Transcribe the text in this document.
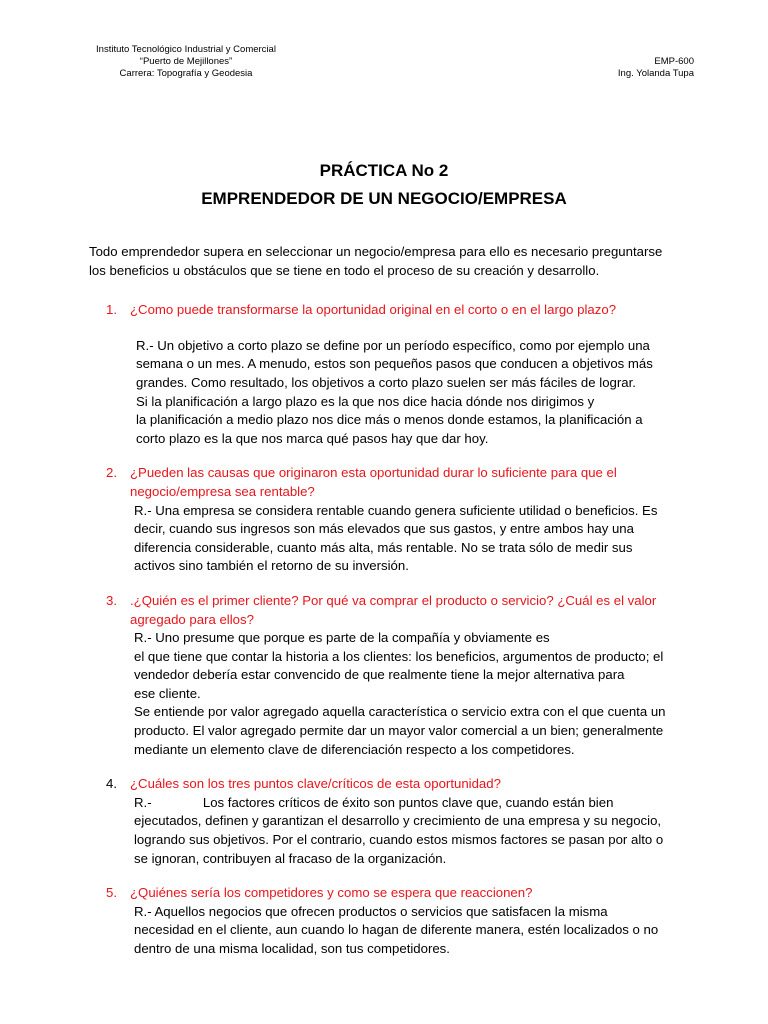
Instituto Tecnológico Industrial y Comercial
“Puerto de Mejillones”
Carrera: Topografía y Geodesia
EMP-600
Ing. Yolanda Tupa
PRÁCTICA No 2
EMPRENDEDOR DE UN NEGOCIO/EMPRESA

Todo emprendedor supera en seleccionar un negocio/empresa para ello es necesario preguntarse
los beneficios u obstáculos que se tiene en todo el proceso de su creación y desarrollo.

1. ¿Como puede transformarse la oportunidad original en el corto o en el largo plazo?

R.- Un objetivo a corto plazo se define por un período específico, como por ejemplo una
semana o un mes. A menudo, estos son pequeños pasos que conducen a objetivos más
grandes. Como resultado, los objetivos a corto plazo suelen ser más fáciles de lograr.
Si la planificación a largo plazo es la que nos dice hacia dónde nos dirigimos y
la planificación a medio plazo nos dice más o menos donde estamos, la planificación a
corto plazo es la que nos marca qué pasos hay que dar hoy.

2. ¿Pueden las causas que originaron esta oportunidad durar lo suficiente para que el
negocio/empresa sea rentable?

R.- Una empresa se considera rentable cuando genera suficiente utilidad o beneficios. Es
decir, cuando sus ingresos son más elevados que sus gastos, y entre ambos hay una
diferencia considerable, cuanto más alta, más rentable. No se trata sólo de medir sus
activos sino también el retorno de su inversión.

3. .¿Quién es el primer cliente? Por qué va comprar el producto o servicio? ¿Cuál es el valor
agregado para ellos?

R.- Uno presume que porque es parte de la compañía y obviamente es
el que tiene que contar la historia a los clientes: los beneficios, argumentos de producto; el
vendedor debería estar convencido de que realmente tiene la mejor alternativa para
ese cliente.
Se entiende por valor agregado aquella característica o servicio extra con el que cuenta un
producto. El valor agregado permite dar un mayor valor comercial a un bien; generalmente
mediante un elemento clave de diferenciación respecto a los competidores.

4. ¿Cuáles son los tres puntos clave/críticos de esta oportunidad?

R.-              Los factores críticos de éxito son puntos clave que, cuando están bien
ejecutados, definen y garantizan el desarrollo y crecimiento de una empresa y su negocio,
logrando sus objetivos. Por el contrario, cuando estos mismos factores se pasan por alto o
se ignoran, contribuyen al fracaso de la organización.

5. ¿Quiénes sería los competidores y como se espera que reaccionen?

R.- Aquellos negocios que ofrecen productos o servicios que satisfacen la misma
necesidad en el cliente, aun cuando lo hagan de diferente manera, estén localizados o no
dentro de una misma localidad, son tus competidores.
